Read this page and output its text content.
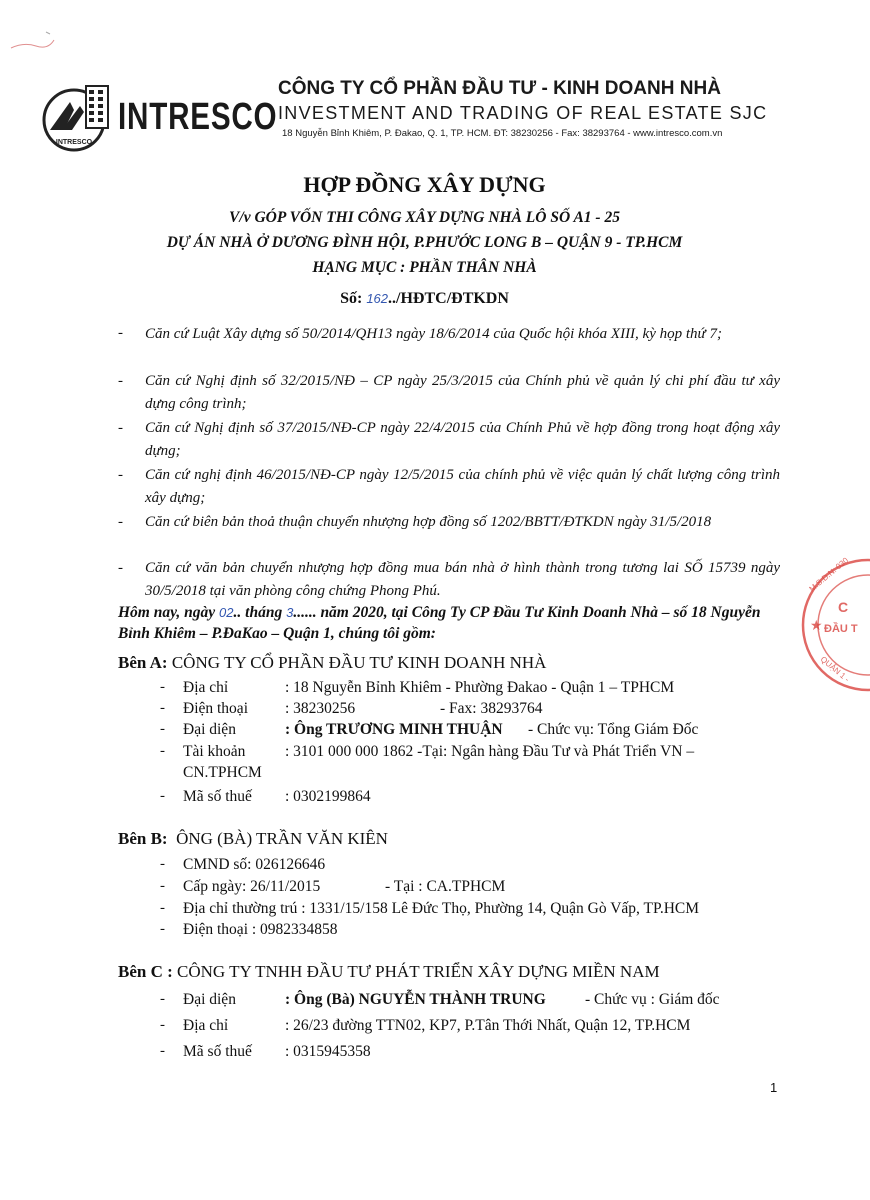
INTRESCO
INTRESCO
CÔNG TY CỔ PHẦN ĐẦU TƯ - KINH DOANH NHÀ
INVESTMENT AND TRADING OF REAL ESTATE SJC
18 Nguyễn Bỉnh Khiêm, P. Đakao, Q. 1, TP. HCM. ĐT: 38230256 - Fax: 38293764 - www.intresco.com.vn
HỢP ĐỒNG XÂY DỰNG
V/v GÓP VỐN THI CÔNG XÂY DỰNG NHÀ LÔ SỐ A1 - 25
DỰ ÁN NHÀ Ở DƯƠNG ĐÌNH HỘI, P.PHƯỚC LONG B – QUẬN 9 - TP.HCM
HẠNG MỤC : PHẦN THÂN NHÀ
Số: 162../HĐTC/ĐTKDN
-	Căn cứ Luật Xây dựng số 50/2014/QH13 ngày 18/6/2014 của Quốc hội khóa XIII, kỳ họp thứ 7;
-	Căn cứ Nghị định số 32/2015/NĐ – CP ngày 25/3/2015 của Chính phủ về quản lý chi phí đầu tư xây dựng công trình;
-	Căn cứ Nghị định số 37/2015/NĐ-CP ngày 22/4/2015 của Chính Phủ về hợp đồng trong hoạt động xây dựng;
-	Căn cứ nghị định 46/2015/NĐ-CP ngày 12/5/2015 của chính phủ về việc quản lý chất lượng công trình xây dựng;
-	Căn cứ biên bản thoả thuận chuyển nhượng hợp đồng số 1202/BBTT/ĐTKDN ngày 31/5/2018
-	Căn cứ văn bản chuyển nhượng hợp đồng mua bán nhà ở hình thành trong tương lai SỐ 15739 ngày 30/5/2018 tại văn phòng công chứng Phong Phú.
Hôm nay, ngày 02.. tháng 3...... năm 2020, tại Công Ty CP Đầu Tư Kinh Doanh Nhà – số 18 Nguyễn Bỉnh Khiêm – P.ĐaKao – Quận 1, chúng tôi gồm:
Bên A: CÔNG TY CỔ PHẦN ĐẦU TƯ KINH DOANH NHÀ
- Địa chỉ	: 18 Nguyễn Bỉnh Khiêm - Phường Đakao - Quận 1 – TPHCM
- Điện thoại : 38230256	- Fax: 38293764
- Đại diện	: Ông TRƯƠNG MINH THUẬN - Chức vụ: Tổng Giám Đốc
- Tài khoản	: 3101 000 000 1862 -Tại: Ngân hàng Đầu Tư và Phát Triển VN –
CN.TPHCM
- Mã số thuế : 0302199864
Bên B: ÔNG (BÀ) TRẦN VĂN KIÊN
- CMND số: 026126646
- Cấp ngày: 26/11/2015	- Tại : CA.TPHCM
- Địa chỉ thường trú : 1331/15/158 Lê Đức Thọ, Phường 14, Quận Gò Vấp, TP.HCM
- Điện thoại : 0982334858
Bên C : CÔNG TY TNHH ĐẦU TƯ PHÁT TRIỂN XÂY DỰNG MIỀN NAM
- Đại diện	: Ông (Bà) NGUYỄN THÀNH TRUNG	- Chức vụ : Giám đốc
- Địa chỉ	: 26/23 đường TTN02, KP7, P.Tân Thới Nhất, Quận 12, TP.HCM
- Mã số thuế : 0315945358
★ ĐẦU T
C
M.S.D.N: 030
QUẬN 1 -
1
